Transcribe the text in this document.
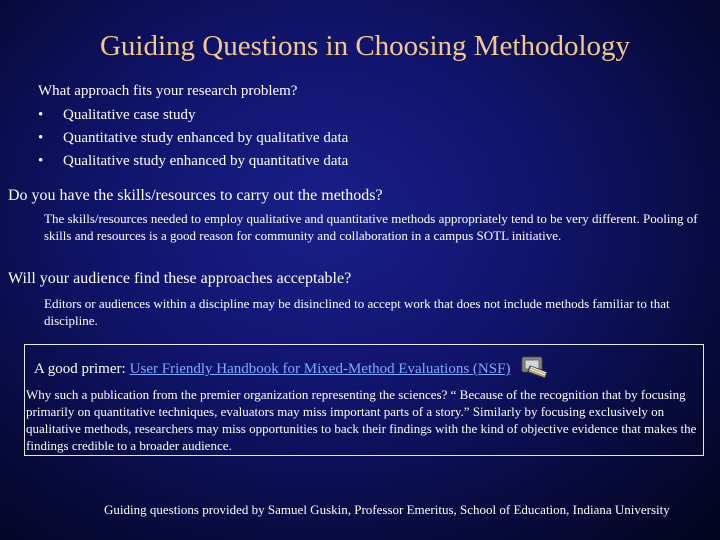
Guiding Questions in Choosing Methodology
What approach fits your research problem?
•	Qualitative case study
•	Quantitative study enhanced by qualitative data
•	Qualitative study enhanced by quantitative data
Do you have the skills/resources to carry out the methods?
The skills/resources needed to employ qualitative and quantitative methods appropriately tend to be very different. Pooling of skills and resources is a good reason for community and collaboration in a campus SOTL initiative.
Will your audience find these approaches acceptable?
Editors or audiences within a discipline may be disinclined to accept work that does not include methods familiar to that discipline.
A good primer: User Friendly Handbook for Mixed-Method Evaluations (NSF)
Why such a publication from the premier organization representing the sciences? “ Because of the recognition that by focusing primarily on quantitative techniques, evaluators may miss important parts of a story.” Similarly by focusing exclusively on qualitative methods, researchers may miss opportunities to back their findings with the kind of objective evidence that makes the findings credible to a broader audience.
Guiding questions provided by Samuel Guskin, Professor Emeritus, School of Education, Indiana University
